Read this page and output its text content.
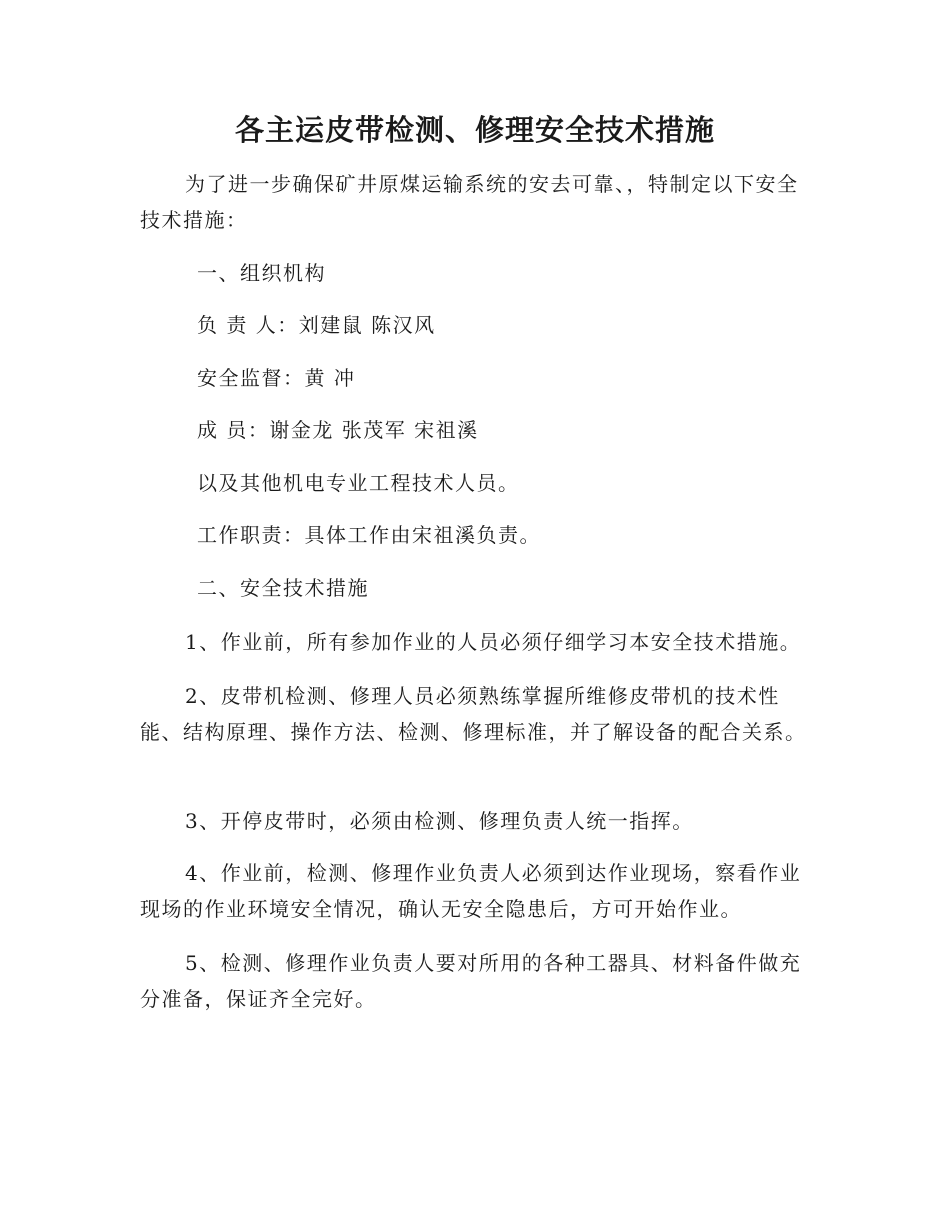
各主运皮带检测、修理安全技术措施
为了进一步确保矿井原煤运输系统的安去可靠、，特制定以下安全技术措施：
一、组织机构
负 责 人：刘建鼠 陈汉风
安全监督：黄 冲
成 员：谢金龙 张茂军 宋祖溪
以及其他机电专业工程技术人员。
工作职责：具体工作由宋祖溪负责。
二、安全技术措施
1、作业前，所有参加作业的人员必须仔细学习本安全技术措施。
2、皮带机检测、修理人员必须熟练掌握所维修皮带机的技术性能、结构原理、操作方法、检测、修理标准，并了解设备的配合关系。
3、开停皮带时，必须由检测、修理负责人统一指挥。
4、作业前，检测、修理作业负责人必须到达作业现场，察看作业现场的作业环境安全情况，确认无安全隐患后，方可开始作业。
5、检测、修理作业负责人要对所用的各种工器具、材料备件做充分准备，保证齐全完好。
